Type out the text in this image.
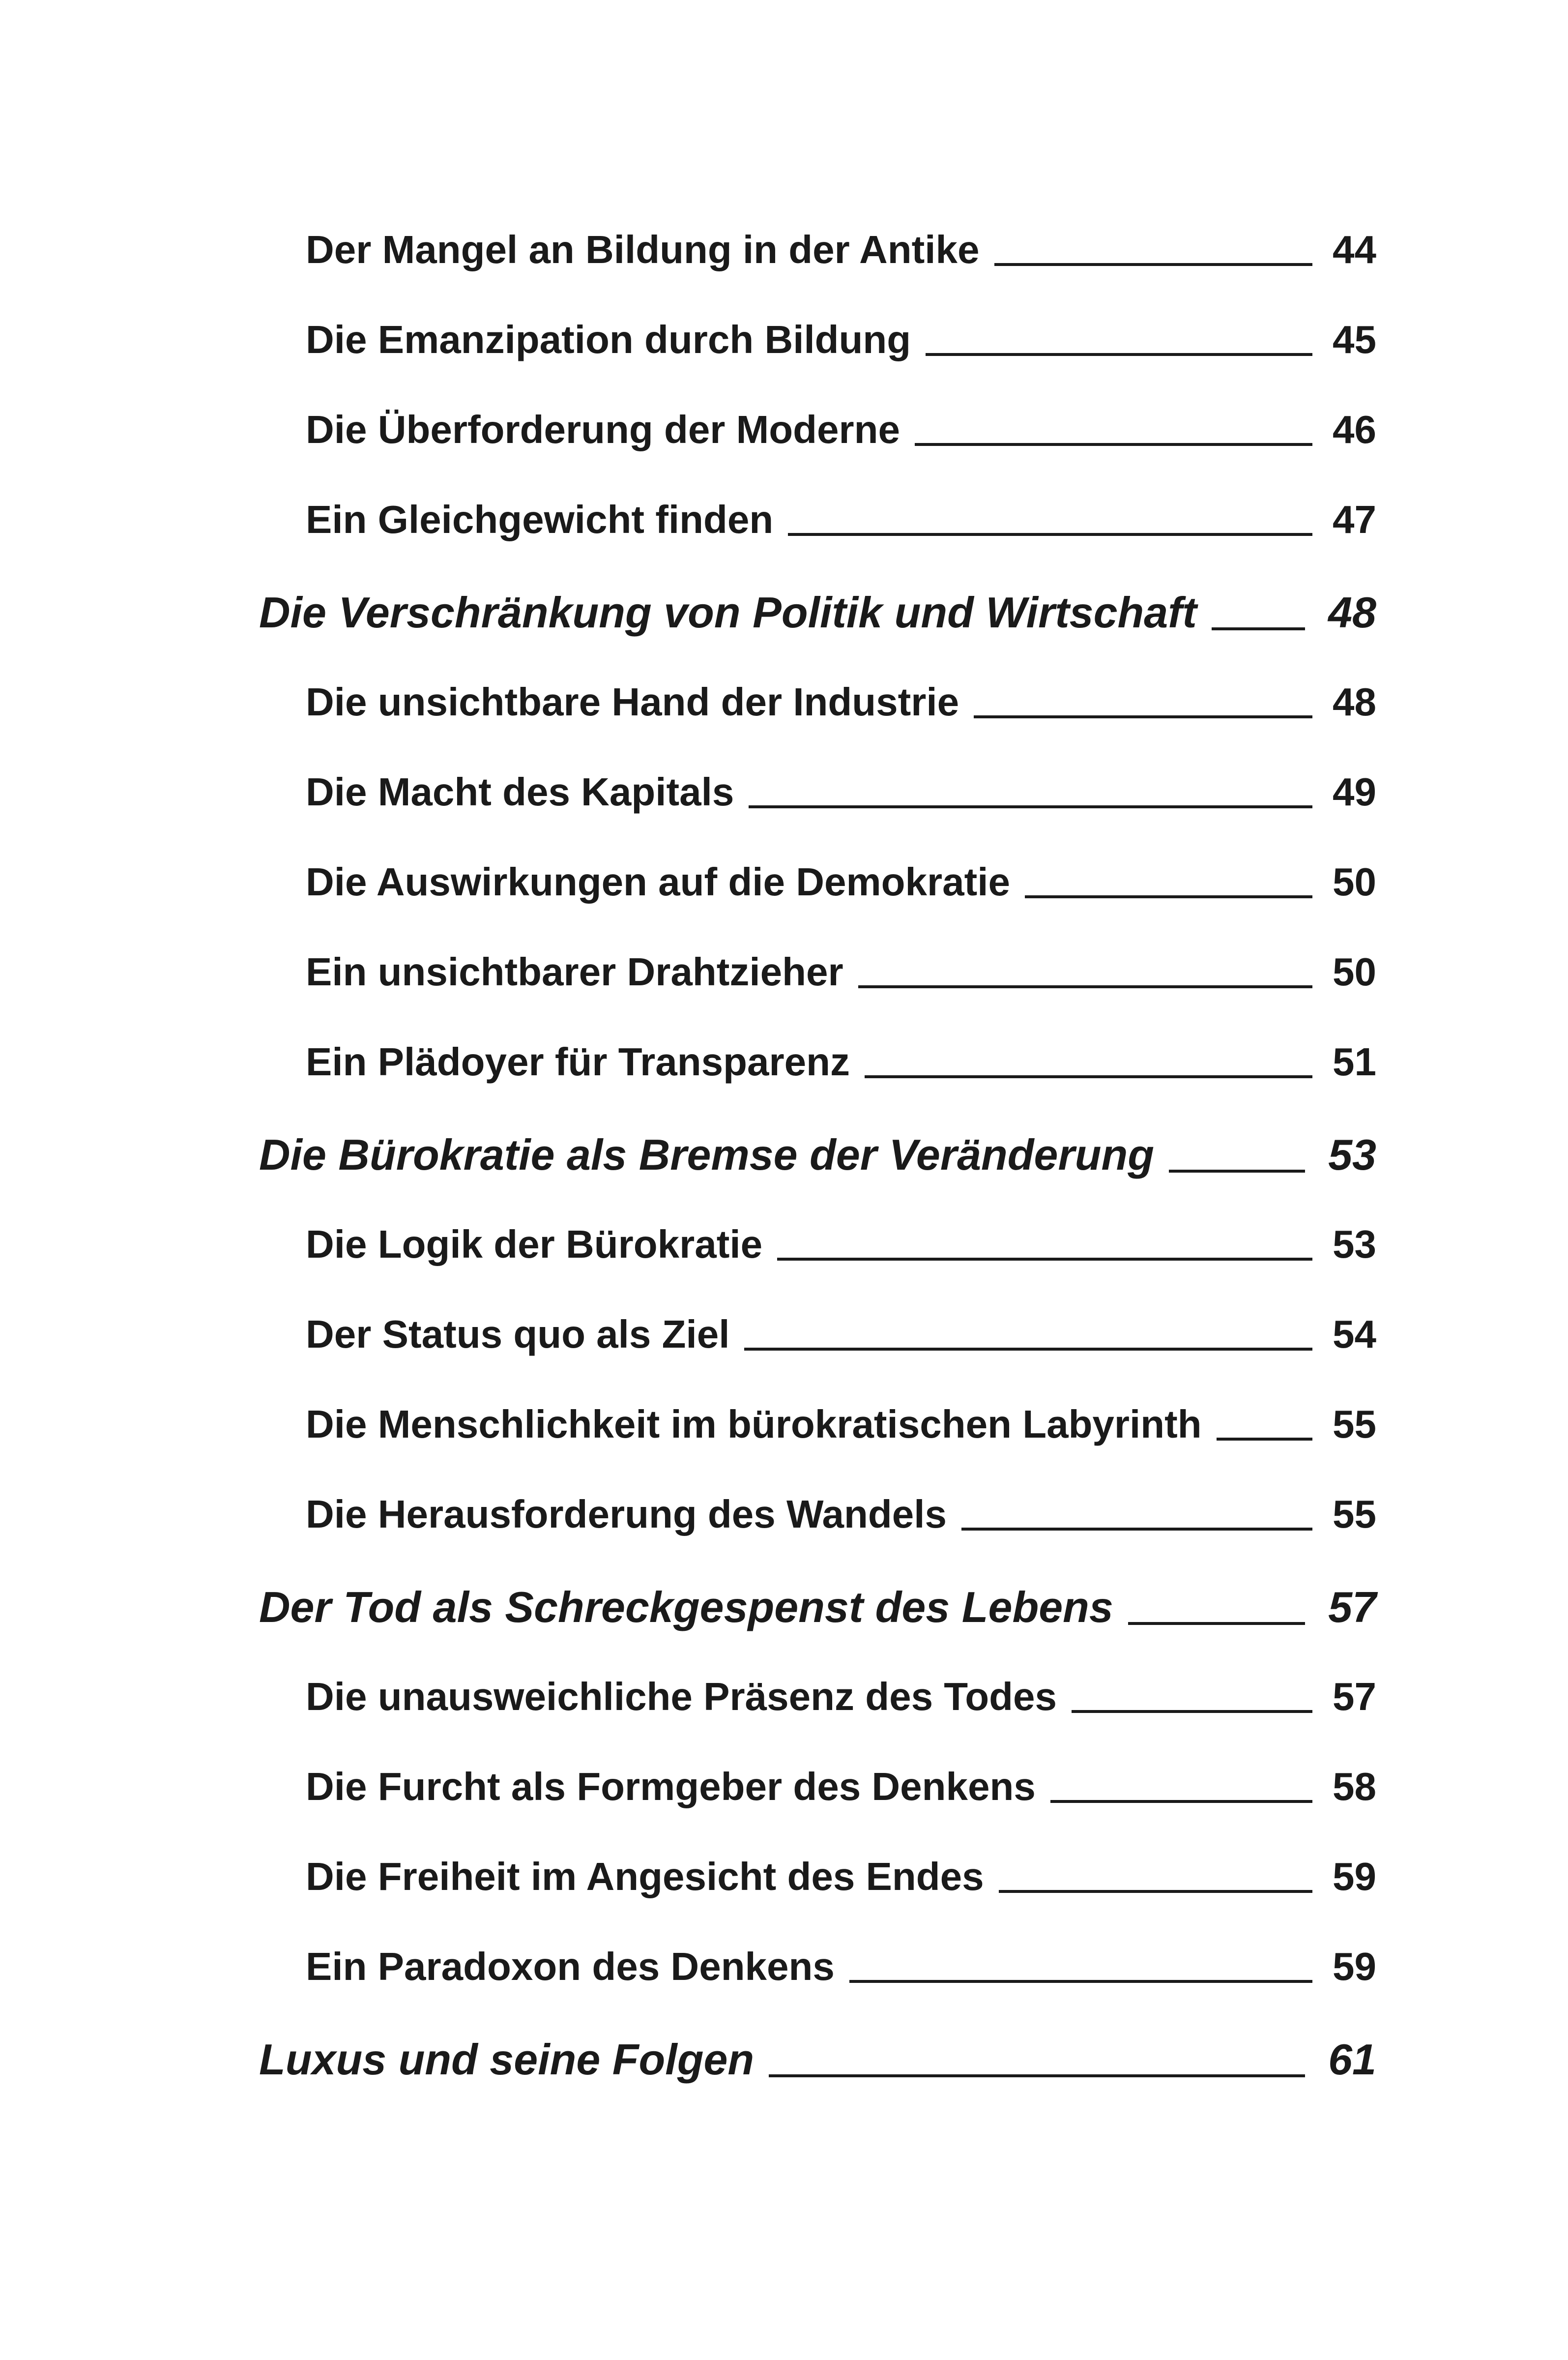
Der Mangel an Bildung in der Antike	44
Die Emanzipation durch Bildung	45
Die Überforderung der Moderne	46
Ein Gleichgewicht finden	47
Die Verschränkung von Politik und Wirtschaft	48
Die unsichtbare Hand der Industrie	48
Die Macht des Kapitals	49
Die Auswirkungen auf die Demokratie	50
Ein unsichtbarer Drahtzieher	50
Ein Plädoyer für Transparenz	51
Die Bürokratie als Bremse der Veränderung	53
Die Logik der Bürokratie	53
Der Status quo als Ziel	54
Die Menschlichkeit im bürokratischen Labyrinth	55
Die Herausforderung des Wandels	55
Der Tod als Schreckgespenst des Lebens	57
Die unausweichliche Präsenz des Todes	57
Die Furcht als Formgeber des Denkens	58
Die Freiheit im Angesicht des Endes	59
Ein Paradoxon des Denkens	59
Luxus und seine Folgen	61
